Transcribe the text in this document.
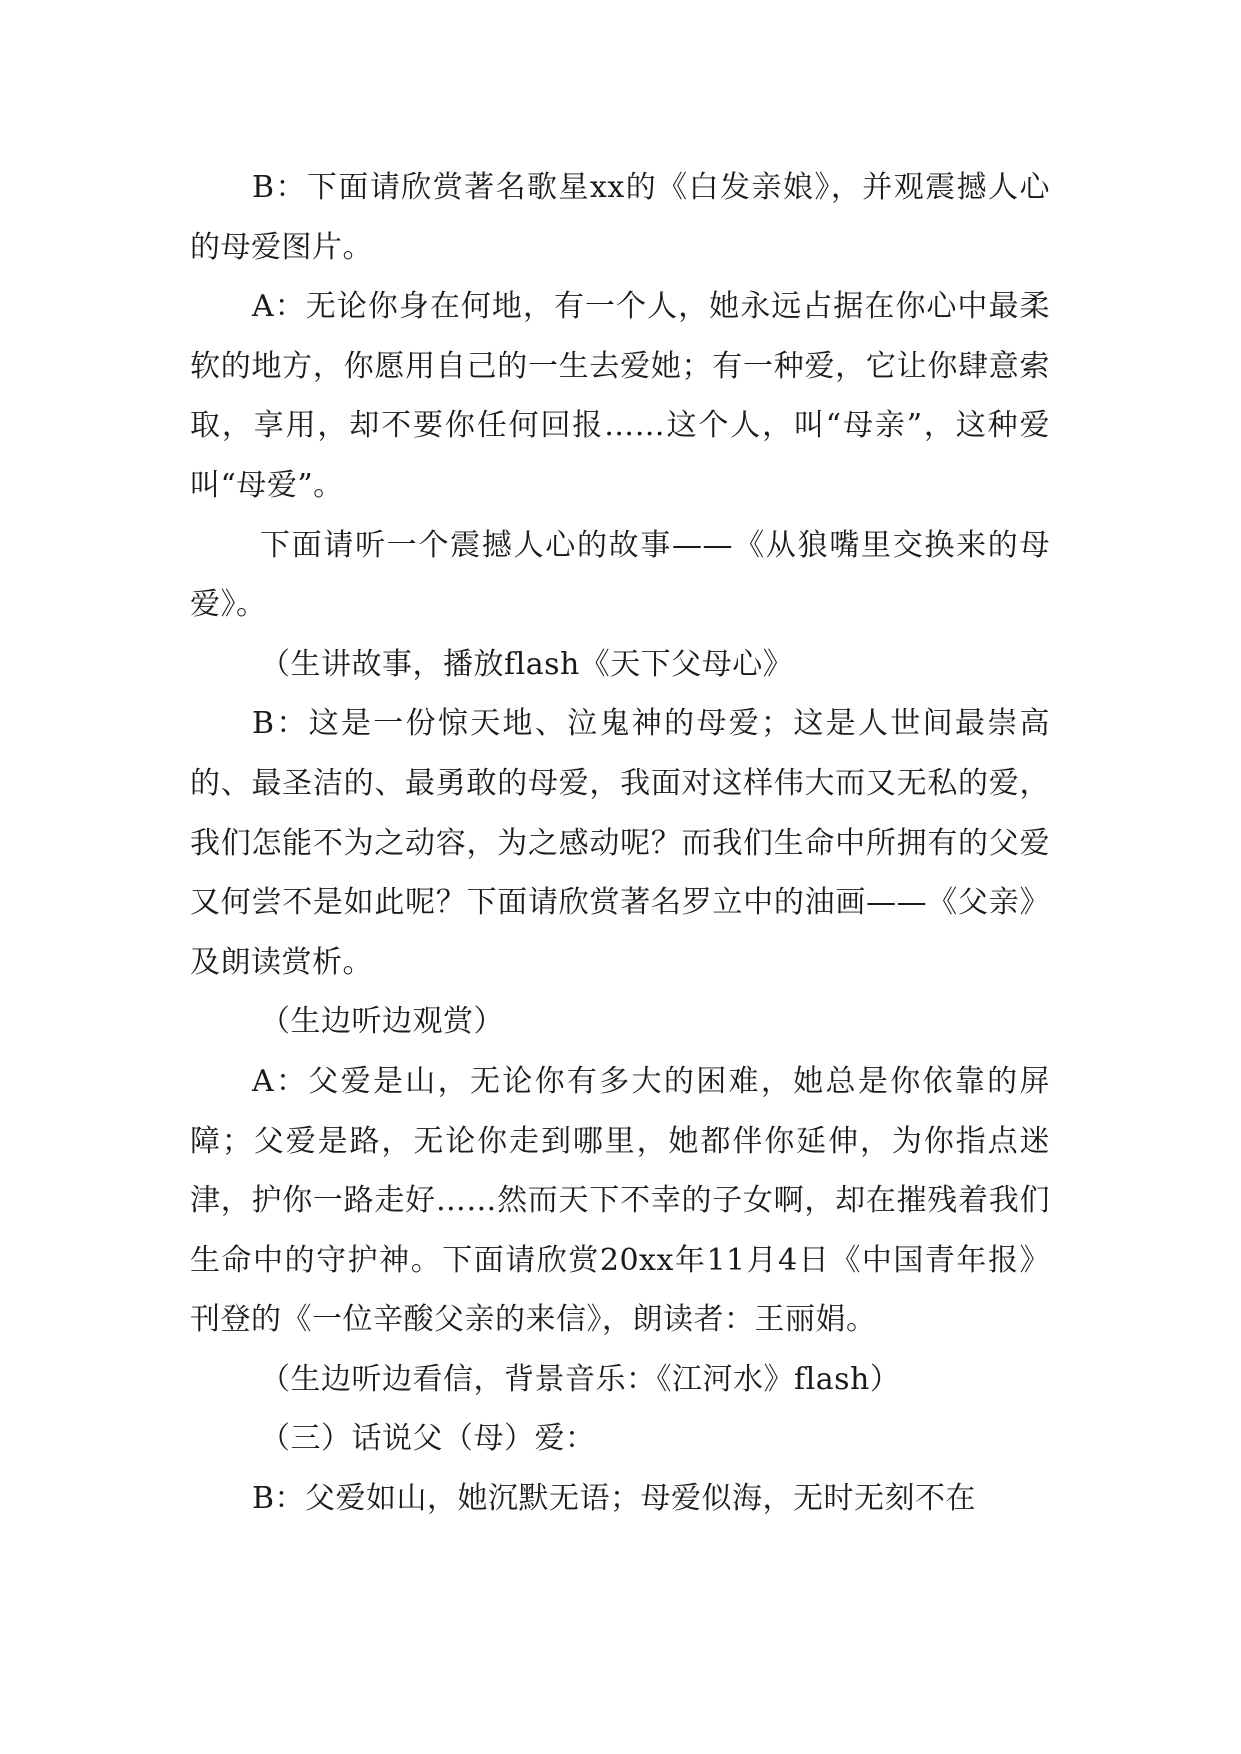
B：下面请欣赏著名歌星xx的《白发亲娘》，并观震撼人心的母爱图片。

A：无论你身在何地，有一个人，她永远占据在你心中最柔软的地方，你愿用自己的一生去爱她；有一种爱，它让你肆意索取，享用，却不要你任何回报……这个人，叫“母亲”，这种爱叫“母爱”。

下面请听一个震撼人心的故事——《从狼嘴里交换来的母爱》。

（生讲故事，播放flash《天下父母心》

B：这是一份惊天地、泣鬼神的母爱；这是人世间最崇高的、最圣洁的、最勇敢的母爱，我面对这样伟大而又无私的爱，我们怎能不为之动容，为之感动呢？而我们生命中所拥有的父爱又何尝不是如此呢？下面请欣赏著名罗立中的油画——《父亲》及朗读赏析。

（生边听边观赏）

A：父爱是山，无论你有多大的困难，她总是你依靠的屏障；父爱是路，无论你走到哪里，她都伴你延伸，为你指点迷津，护你一路走好……然而天下不幸的子女啊，却在摧残着我们生命中的守护神。下面请欣赏20xx年11月4日《中国青年报》刊登的《一位辛酸父亲的来信》，朗读者：王丽娟。

（生边听边看信，背景音乐：《江河水》flash）

（三）话说父（母）爱：

B：父爱如山，她沉默无语；母爱似海，无时无刻不在
